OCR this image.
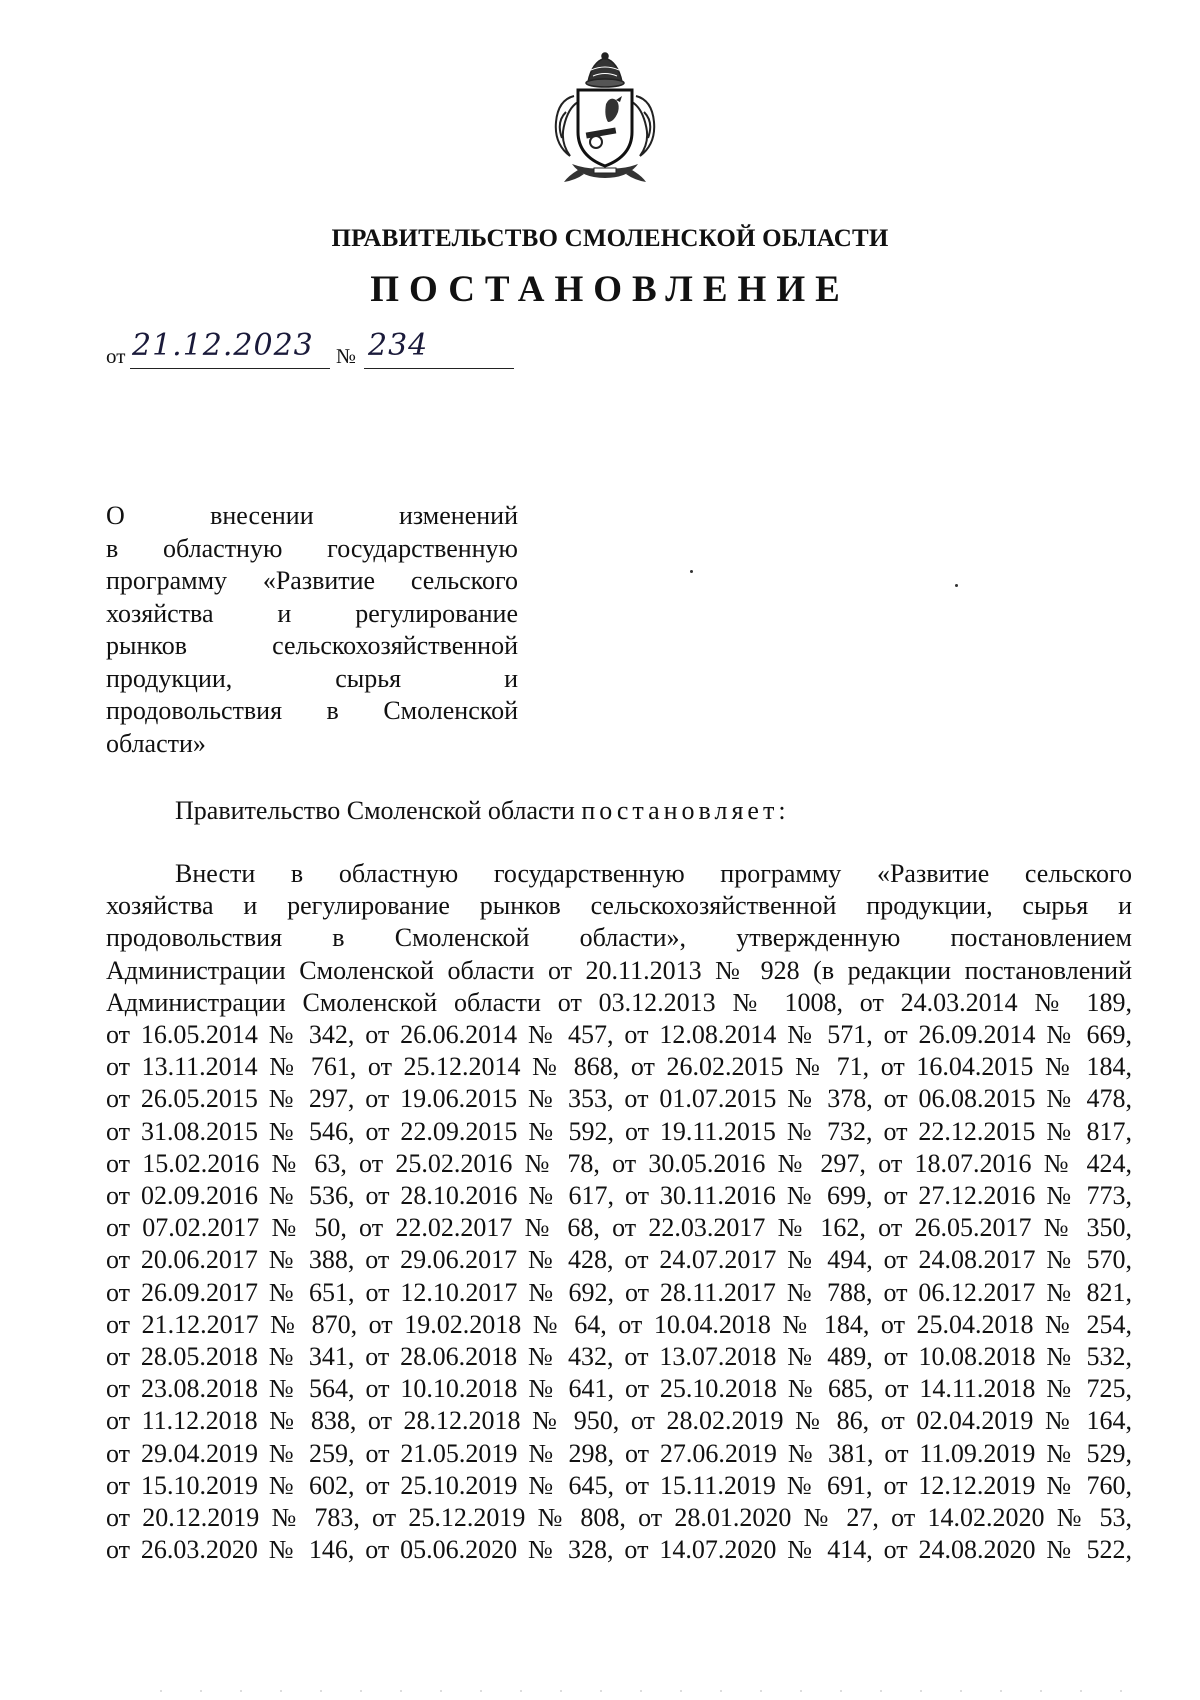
ПРАВИТЕЛЬСТВО СМОЛЕНСКОЙ ОБЛАСТИ
ПОСТАНОВЛЕНИЕ
от 21.12.2023 № 234
О внесении изменений
в областную государственную
программу «Развитие сельского
хозяйства и регулирование
рынков сельскохозяйственной
продукции, сырья и
продовольствия в Смоленской
области»
Правительство Смоленской области постановляет:
Внести в областную государственную программу «Развитие сельского
хозяйства и регулирование рынков сельскохозяйственной продукции, сырья и
продовольствия в Смоленской области», утвержденную постановлением
Администрации Смоленской области от 20.11.2013 № 928 (в редакции постановлений
Администрации Смоленской области от 03.12.2013 № 1008, от 24.03.2014 № 189,
от 16.05.2014 № 342, от 26.06.2014 № 457, от 12.08.2014 № 571, от 26.09.2014 № 669,
от 13.11.2014 № 761, от 25.12.2014 № 868, от 26.02.2015 № 71, от 16.04.2015 № 184,
от 26.05.2015 № 297, от 19.06.2015 № 353, от 01.07.2015 № 378, от 06.08.2015 № 478,
от 31.08.2015 № 546, от 22.09.2015 № 592, от 19.11.2015 № 732, от 22.12.2015 № 817,
от 15.02.2016 № 63, от 25.02.2016 № 78, от 30.05.2016 № 297, от 18.07.2016 № 424,
от 02.09.2016 № 536, от 28.10.2016 № 617, от 30.11.2016 № 699, от 27.12.2016 № 773,
от 07.02.2017 № 50, от 22.02.2017 № 68, от 22.03.2017 № 162, от 26.05.2017 № 350,
от 20.06.2017 № 388, от 29.06.2017 № 428, от 24.07.2017 № 494, от 24.08.2017 № 570,
от 26.09.2017 № 651, от 12.10.2017 № 692, от 28.11.2017 № 788, от 06.12.2017 № 821,
от 21.12.2017 № 870, от 19.02.2018 № 64, от 10.04.2018 № 184, от 25.04.2018 № 254,
от 28.05.2018 № 341, от 28.06.2018 № 432, от 13.07.2018 № 489, от 10.08.2018 № 532,
от 23.08.2018 № 564, от 10.10.2018 № 641, от 25.10.2018 № 685, от 14.11.2018 № 725,
от 11.12.2018 № 838, от 28.12.2018 № 950, от 28.02.2019 № 86, от 02.04.2019 № 164,
от 29.04.2019 № 259, от 21.05.2019 № 298, от 27.06.2019 № 381, от 11.09.2019 № 529,
от 15.10.2019 № 602, от 25.10.2019 № 645, от 15.11.2019 № 691, от 12.12.2019 № 760,
от 20.12.2019 № 783, от 25.12.2019 № 808, от 28.01.2020 № 27, от 14.02.2020 № 53,
от 26.03.2020 № 146, от 05.06.2020 № 328, от 14.07.2020 № 414, от 24.08.2020 № 522,
